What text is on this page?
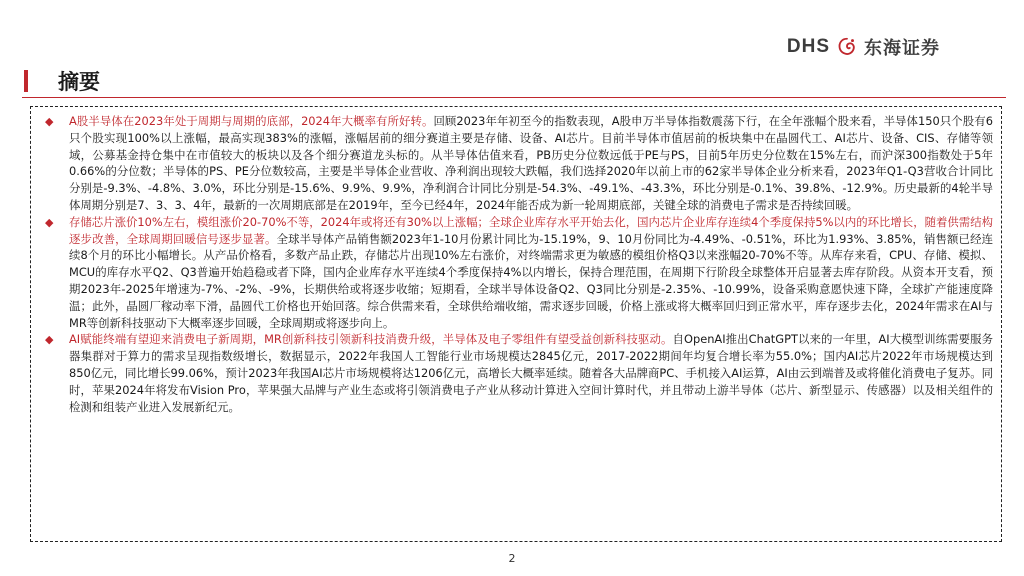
DHS 东海证券
摘要

◆ A股半导体在2023年处于周期与周期的底部，2024年大概率有所好转。回顾2023年年初至今的指数表现，A股申万半导体指数震荡下行，在全年涨幅个股来看，半导体150只个股有6只个股实现100%以上涨幅，最高实现383%的涨幅，涨幅居前的细分赛道主要是存储、设备、AI芯片。目前半导体市值居前的板块集中在晶圆代工、AI芯片、设备、CIS、存储等领域，公募基金持仓集中在市值较大的板块以及各个细分赛道龙头标的。从半导体估值来看，PB历史分位数远低于PE与PS，目前5年历史分位数在15%左右，而沪深300指数处于5年0.66%的分位数；半导体的PS、PE分位数较高，主要是半导体企业营收、净利润出现较大跌幅，我们选择2020年以前上市的62家半导体企业分析来看，2023年Q1-Q3营收合计同比分别是-9.3%、-4.8%、3.0%，环比分别是-15.6%、9.9%、9.9%，净利润合计同比分别是-54.3%、-49.1%、-43.3%，环比分别是-0.1%、39.8%、-12.9%。历史最新的4轮半导体周期分别是7、3、3、4年，最新的一次周期底部是在2019年，至今已经4年，2024年能否成为新一轮周期底部，关键全球的消费电子需求是否持续回暖。

◆ 存储芯片涨价10%左右，模组涨价20-70%不等，2024年或将还有30%以上涨幅；全球企业库存水平开始去化，国内芯片企业库存连续4个季度保持5%以内的环比增长，随着供需结构逐步改善，全球周期回暖信号逐步显著。全球半导体产品销售额2023年1-10月份累计同比为-15.19%，9、10月份同比为-4.49%、-0.51%，环比为1.93%、3.85%，销售额已经连续8个月的环比小幅增长。从产品价格看，多数产品止跌，存储芯片出现10%左右涨价，对终端需求更为敏感的模组价格Q3以来涨幅20-70%不等。从库存来看，CPU、存储、模拟、MCU的库存水平Q2、Q3普遍开始趋稳或者下降，国内企业库存水平连续4个季度保持4%以内增长，保持合理范围，在周期下行阶段全球整体开启显著去库存阶段。从资本开支看，预期2023年-2025年增速为-7%、-2%、-9%，长期供给或将逐步收缩；短期看，全球半导体设备Q2、Q3同比分别是-2.35%、-10.99%，设备采购意愿快速下降，全球扩产能速度降温；此外，晶圆厂稼动率下滑，晶圆代工价格也开始回落。综合供需来看，全球供给端收缩，需求逐步回暖，价格上涨或将大概率回归到正常水平，库存逐步去化，2024年需求在AI与MR等创新科技驱动下大概率逐步回暖，全球周期或将逐步向上。

◆ AI赋能终端有望迎来消费电子新周期，MR创新科技引领新科技消费升级，半导体及电子零组件有望受益创新科技驱动。自OpenAI推出ChatGPT以来的一年里，AI大模型训练需要服务器集群对于算力的需求呈现指数级增长，数据显示，2022年我国人工智能行业市场规模达2845亿元，2017-2022期间年均复合增长率为55.0%；国内AI芯片2022年市场规模达到850亿元，同比增长99.06%，预计2023年我国AI芯片市场规模将达1206亿元，高增长大概率延续。随着各大品牌商PC、手机接入AI运算，AI由云到端普及或将催化消费电子复苏。同时，苹果2024年将发布Vision Pro，苹果强大品牌与产业生态或将引领消费电子产业从移动计算进入空间计算时代，并且带动上游半导体（芯片、新型显示、传感器）以及相关组件的检测和组装产业进入发展新纪元。

2
